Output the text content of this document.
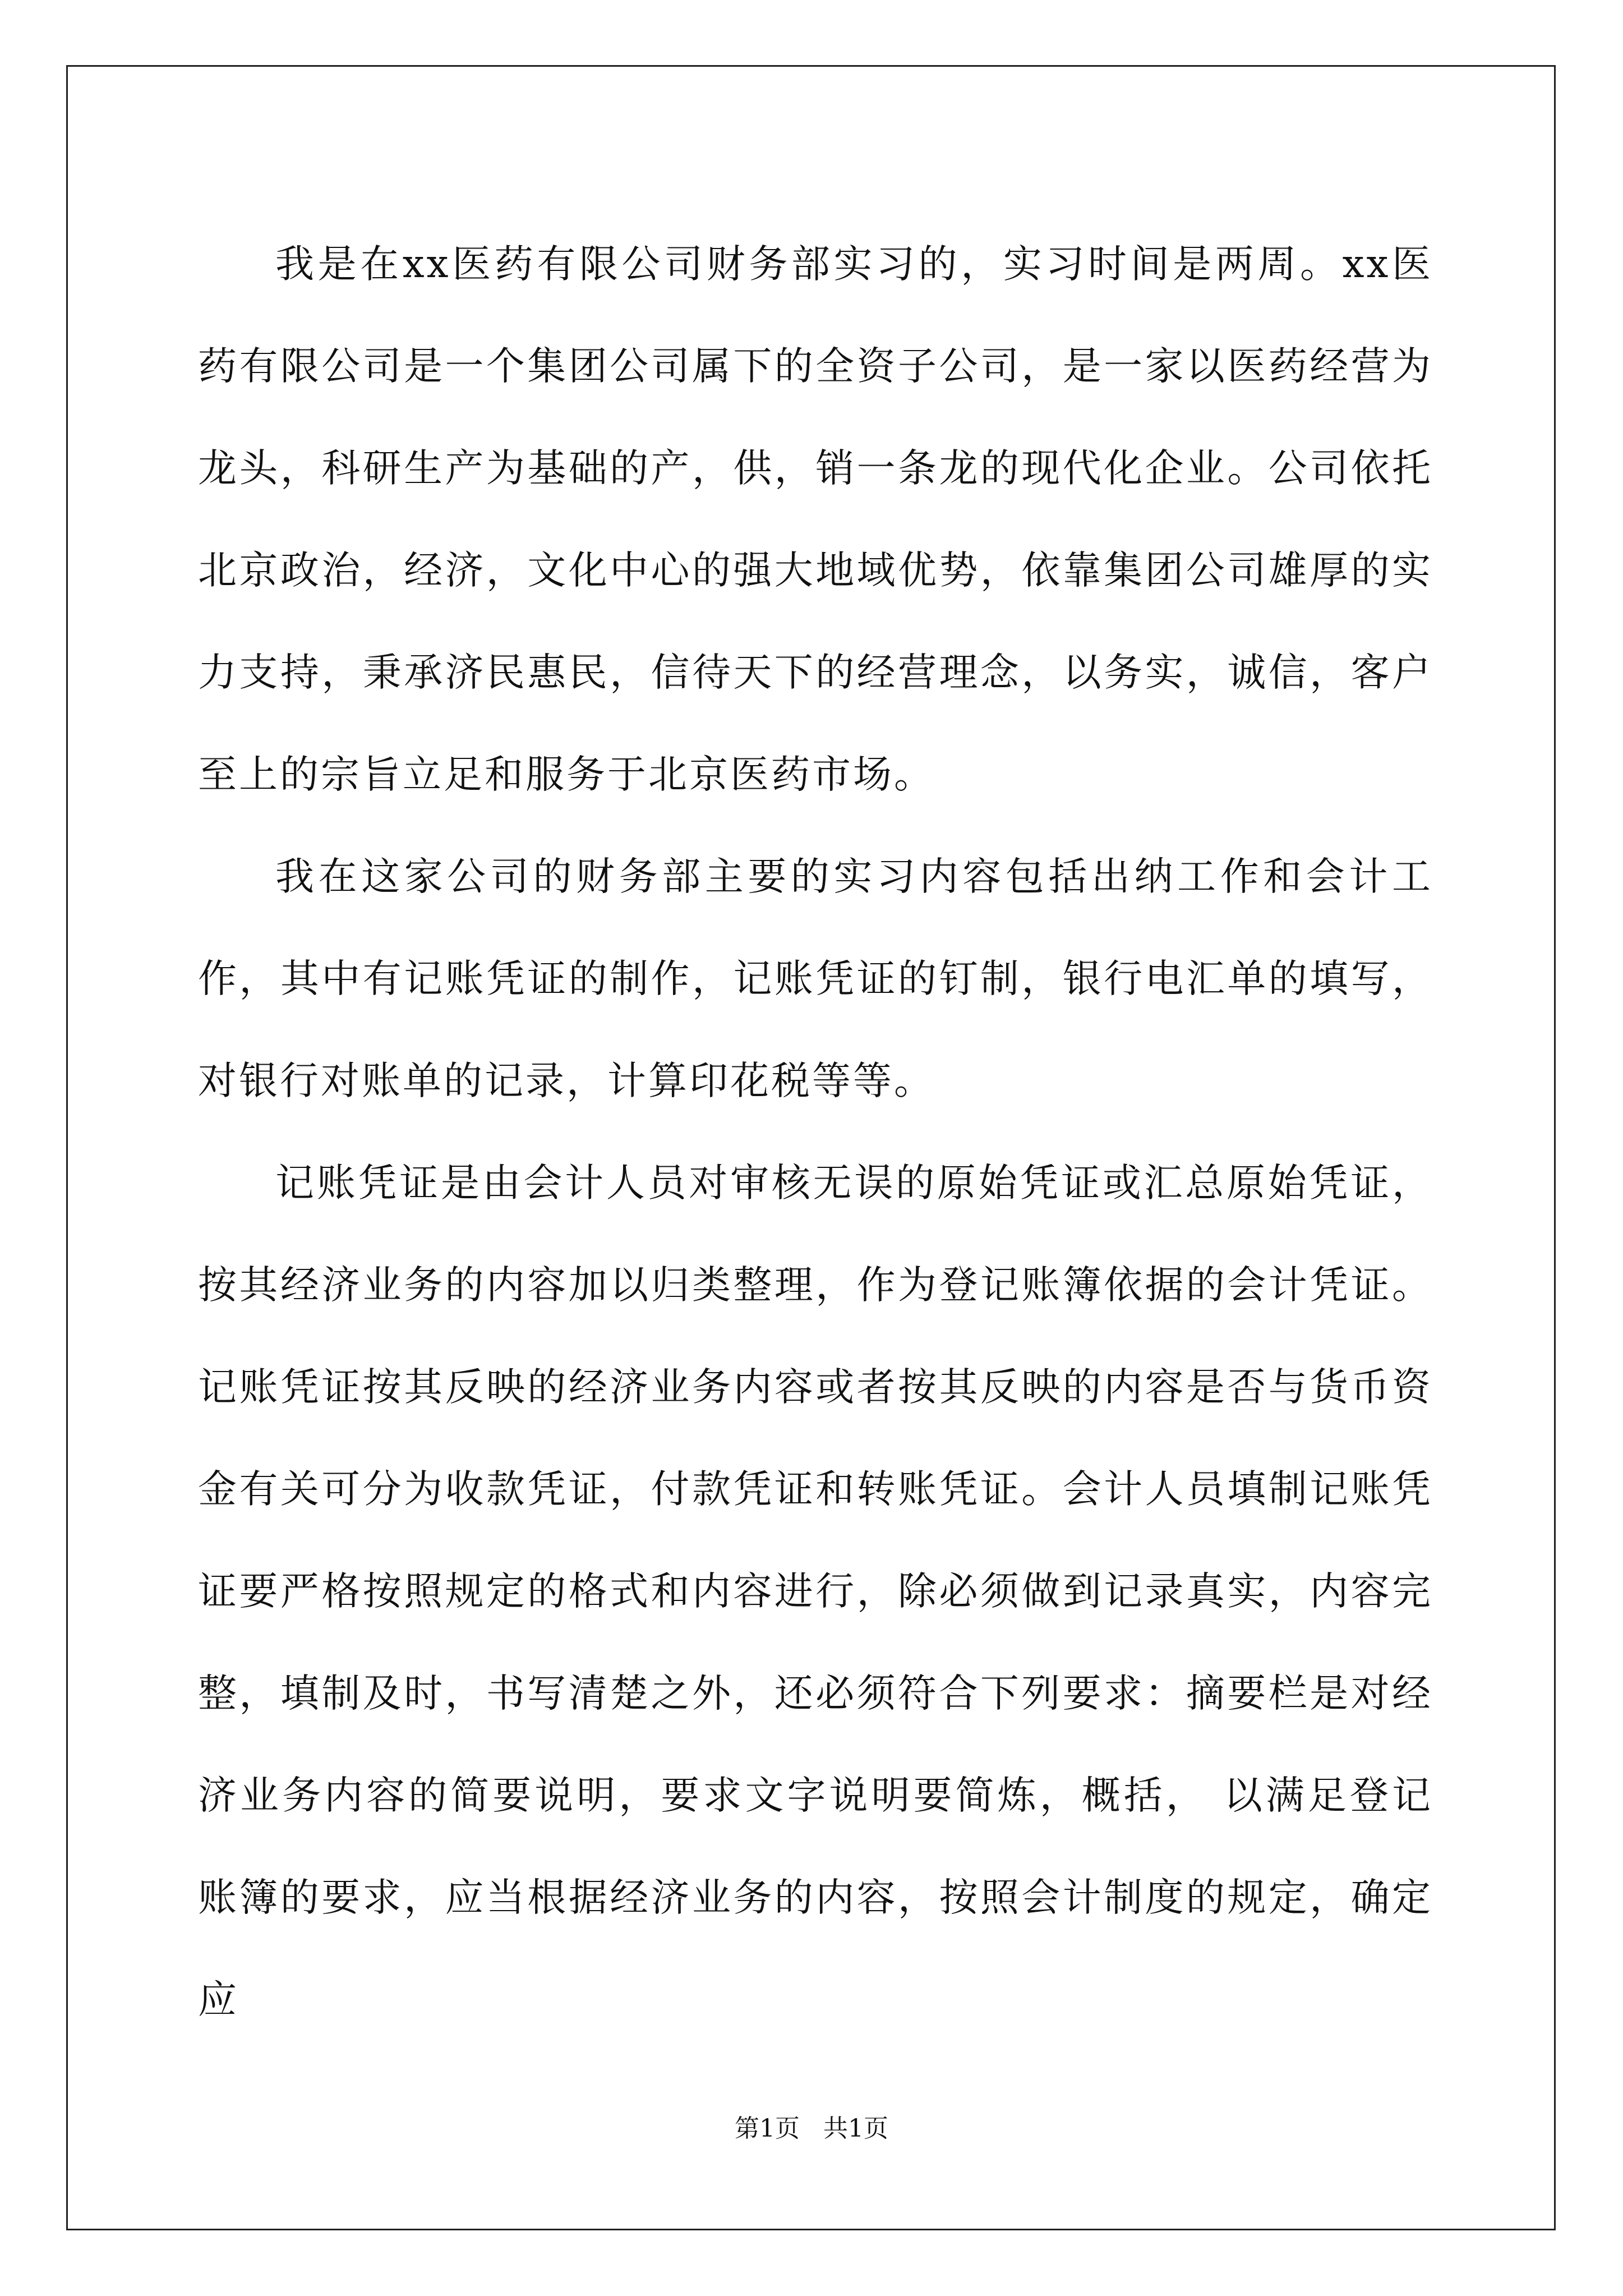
我是在xx医药有限公司财务部实习的，实习时间是两周。xx医药有限公司是一个集团公司属下的全资子公司，是一家以医药经营为龙头，科研生产为基础的产，供，销一条龙的现代化企业。公司依托北京政治，经济，文化中心的强大地域优势，依靠集团公司雄厚的实力支持，秉承济民惠民，信待天下的经营理念，以务实，诚信，客户至上的宗旨立足和服务于北京医药市场。

我在这家公司的财务部主要的实习内容包括出纳工作和会计工作，其中有记账凭证的制作，记账凭证的钉制，银行电汇单的填写，对银行对账单的记录，计算印花税等等。

记账凭证是由会计人员对审核无误的原始凭证或汇总原始凭证，按其经济业务的内容加以归类整理，作为登记账簿依据的会计凭证。记账凭证按其反映的经济业务内容或者按其反映的内容是否与货币资金有关可分为收款凭证，付款凭证和转账凭证。会计人员填制记账凭证要严格按照规定的格式和内容进行，除必须做到记录真实，内容完整，填制及时，书写清楚之外，还必须符合下列要求：摘要栏是对经济业务内容的简要说明，要求文字说明要简炼，概括， 以满足登记账簿的要求，应当根据经济业务的内容，按照会计制度的规定，确定应

第1页   共1页
